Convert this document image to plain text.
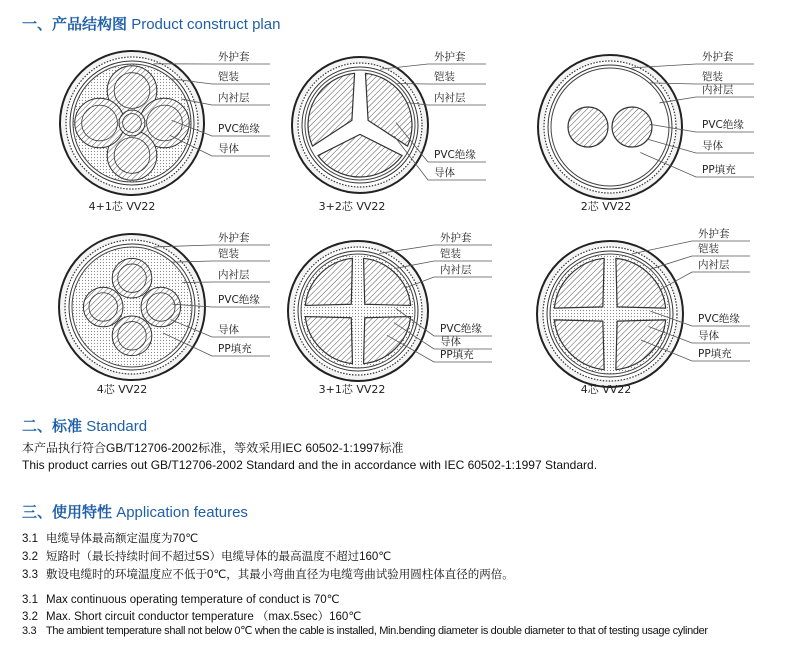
一、产品结构图 Product construct plan
外护套
铠装
内衬层
PVC绝缘
导体
4+1芯 VV22
外护套
铠装
内衬层
PVC绝缘
导体
3+2芯 VV22
外护套
铠装
内衬层
PVC绝缘
导体
PP填充
2芯 VV22
外护套
铠装
内衬层
PVC绝缘
导体
PP填充
4芯 VV22
外护套
铠装
内衬层
PVC绝缘
导体
PP填充
3+1芯 VV22
外护套
铠装
内衬层
PVC绝缘
导体
PP填充
4芯 VV22
二、标准 Standard
本产品执行符合GB/T12706-2002标准，等效采用IEC 60502-1:1997标准
This product carries out GB/T12706-2002 Standard and the in accordance with IEC 60502-1:1997 Standard.
三、使用特性 Application features
3.1 电缆导体最高额定温度为70℃
3.2 短路时（最长持续时间不超过5S）电缆导体的最高温度不超过160℃
3.3 敷设电缆时的环境温度应不低于0℃，其最小弯曲直径为电缆弯曲试验用圆柱体直径的两倍。
3.1 Max continuous operating temperature of conduct is 70℃
3.2 Max. Short circuit conductor temperature （max.5sec）160℃
3.3 The ambient temperature shall not below 0℃ when the cable is installed, Min.bending diameter is double diameter to that of testing usage cylinder
